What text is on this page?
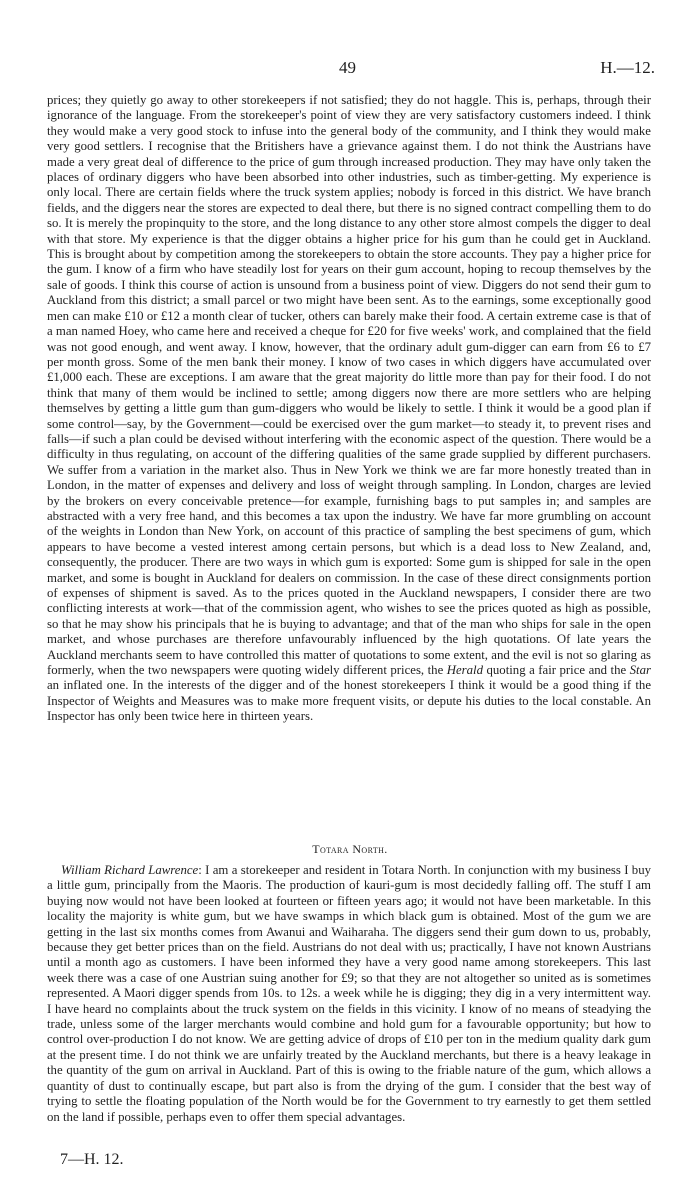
49	H.—12.

prices; they quietly go away to other storekeepers if not satisfied; they do not haggle. This is, perhaps, through their ignorance of the language. From the storekeeper's point of view they are very satisfactory customers indeed. I think they would make a very good stock to infuse into the general body of the community, and I think they would make very good settlers. I recognise that the Britishers have a grievance against them. I do not think the Austrians have made a very great deal of difference to the price of gum through increased production. They may have only taken the places of ordinary diggers who have been absorbed into other industries, such as timber-getting. My experience is only local. There are certain fields where the truck system applies; nobody is forced in this district. We have branch fields, and the diggers near the stores are expected to deal there, but there is no signed contract compelling them to do so. It is merely the propinquity to the store, and the long distance to any other store almost compels the digger to deal with that store. My experience is that the digger obtains a higher price for his gum than he could get in Auckland. This is brought about by competition among the storekeepers to obtain the store accounts. They pay a higher price for the gum. I know of a firm who have steadily lost for years on their gum account, hoping to recoup themselves by the sale of goods. I think this course of action is unsound from a business point of view. Diggers do not send their gum to Auckland from this district; a small parcel or two might have been sent. As to the earnings, some exceptionally good men can make £10 or £12 a month clear of tucker, others can barely make their food. A certain extreme case is that of a man named Hoey, who came here and received a cheque for £20 for five weeks' work, and complained that the field was not good enough, and went away. I know, however, that the ordinary adult gum-digger can earn from £6 to £7 per month gross. Some of the men bank their money. I know of two cases in which diggers have accumulated over £1,000 each. These are exceptions. I am aware that the great majority do little more than pay for their food. I do not think that many of them would be inclined to settle; among diggers now there are more settlers who are helping themselves by getting a little gum than gum-diggers who would be likely to settle. I think it would be a good plan if some control—say, by the Government—could be exercised over the gum market—to steady it, to prevent rises and falls—if such a plan could be devised without interfering with the economic aspect of the question. There would be a difficulty in thus regulating, on account of the differing qualities of the same grade supplied by different purchasers. We suffer from a variation in the market also. Thus in New York we think we are far more honestly treated than in London, in the matter of expenses and delivery and loss of weight through sampling. In London, charges are levied by the brokers on every conceivable pretence—for example, furnishing bags to put samples in; and samples are abstracted with a very free hand, and this becomes a tax upon the industry. We have far more grumbling on account of the weights in London than New York, on account of this practice of sampling the best specimens of gum, which appears to have become a vested interest among certain persons, but which is a dead loss to New Zealand, and, consequently, the producer. There are two ways in which gum is exported: Some gum is shipped for sale in the open market, and some is bought in Auckland for dealers on commission. In the case of these direct consignments portion of expenses of shipment is saved. As to the prices quoted in the Auckland newspapers, I consider there are two conflicting interests at work—that of the commission agent, who wishes to see the prices quoted as high as possible, so that he may show his principals that he is buying to advantage; and that of the man who ships for sale in the open market, and whose purchases are therefore unfavourably influenced by the high quotations. Of late years the Auckland merchants seem to have controlled this matter of quotations to some extent, and the evil is not so glaring as formerly, when the two newspapers were quoting widely different prices, the Herald quoting a fair price and the Star an inflated one. In the interests of the digger and of the honest storekeepers I think it would be a good thing if the Inspector of Weights and Measures was to make more frequent visits, or depute his duties to the local constable. An Inspector has only been twice here in thirteen years.

Totara North.

William Richard Lawrence: I am a storekeeper and resident in Totara North. In conjunction with my business I buy a little gum, principally from the Maoris. The production of kauri-gum is most decidedly falling off. The stuff I am buying now would not have been looked at fourteen or fifteen years ago; it would not have been marketable. In this locality the majority is white gum, but we have swamps in which black gum is obtained. Most of the gum we are getting in the last six months comes from Awanui and Waiharaha. The diggers send their gum down to us, probably, because they get better prices than on the field. Austrians do not deal with us; practically, I have not known Austrians until a month ago as customers. I have been informed they have a very good name among storekeepers. This last week there was a case of one Austrian suing another for £9; so that they are not altogether so united as is sometimes represented. A Maori digger spends from 10s. to 12s. a week while he is digging; they dig in a very intermittent way. I have heard no complaints about the truck system on the fields in this vicinity. I know of no means of steadying the trade, unless some of the larger merchants would combine and hold gum for a favourable opportunity; but how to control over-production I do not know. We are getting advice of drops of £10 per ton in the medium quality dark gum at the present time. I do not think we are unfairly treated by the Auckland merchants, but there is a heavy leakage in the quantity of the gum on arrival in Auckland. Part of this is owing to the friable nature of the gum, which allows a quantity of dust to continually escape, but part also is from the drying of the gum. I consider that the best way of trying to settle the floating population of the North would be for the Government to try earnestly to get them settled on the land if possible, perhaps even to offer them special advantages.

7—H. 12.
